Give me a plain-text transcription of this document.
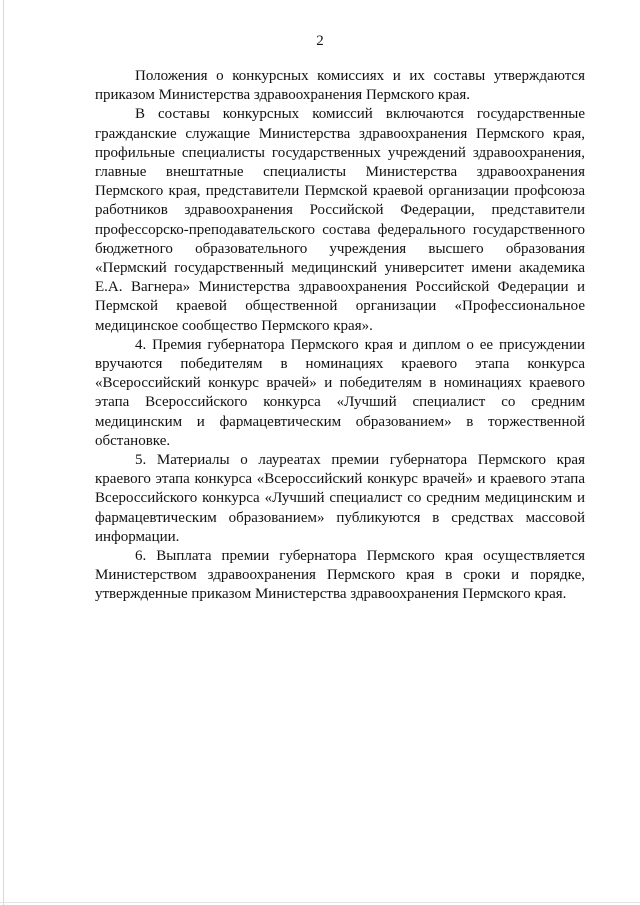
2

Положения о конкурсных комиссиях и их составы утверждаются приказом Министерства здравоохранения Пермского края.

В составы конкурсных комиссий включаются государственные гражданские служащие Министерства здравоохранения Пермского края, профильные специалисты государственных учреждений здравоохранения, главные внештатные специалисты Министерства здравоохранения Пермского края, представители Пермской краевой организации профсоюза работников здравоохранения Российской Федерации, представители профессорско-преподавательского состава федерального государственного бюджетного образовательного учреждения высшего образования «Пермский государственный медицинский университет имени академика Е.А. Вагнера» Министерства здравоохранения Российской Федерации и Пермской краевой общественной организации «Профессиональное медицинское сообщество Пермского края».

4. Премия губернатора Пермского края и диплом о ее присуждении вручаются победителям в номинациях краевого этапа конкурса «Всероссийский конкурс врачей» и победителям в номинациях краевого этапа Всероссийского конкурса «Лучший специалист со средним медицинским и фармацевтическим образованием» в торжественной обстановке.

5. Материалы о лауреатах премии губернатора Пермского края краевого этапа конкурса «Всероссийский конкурс врачей» и краевого этапа Всероссийского конкурса «Лучший специалист со средним медицинским и фармацевтическим образованием» публикуются в средствах массовой информации.

6. Выплата премии губернатора Пермского края осуществляется Министерством здравоохранения Пермского края в сроки и порядке, утвержденные приказом Министерства здравоохранения Пермского края.
